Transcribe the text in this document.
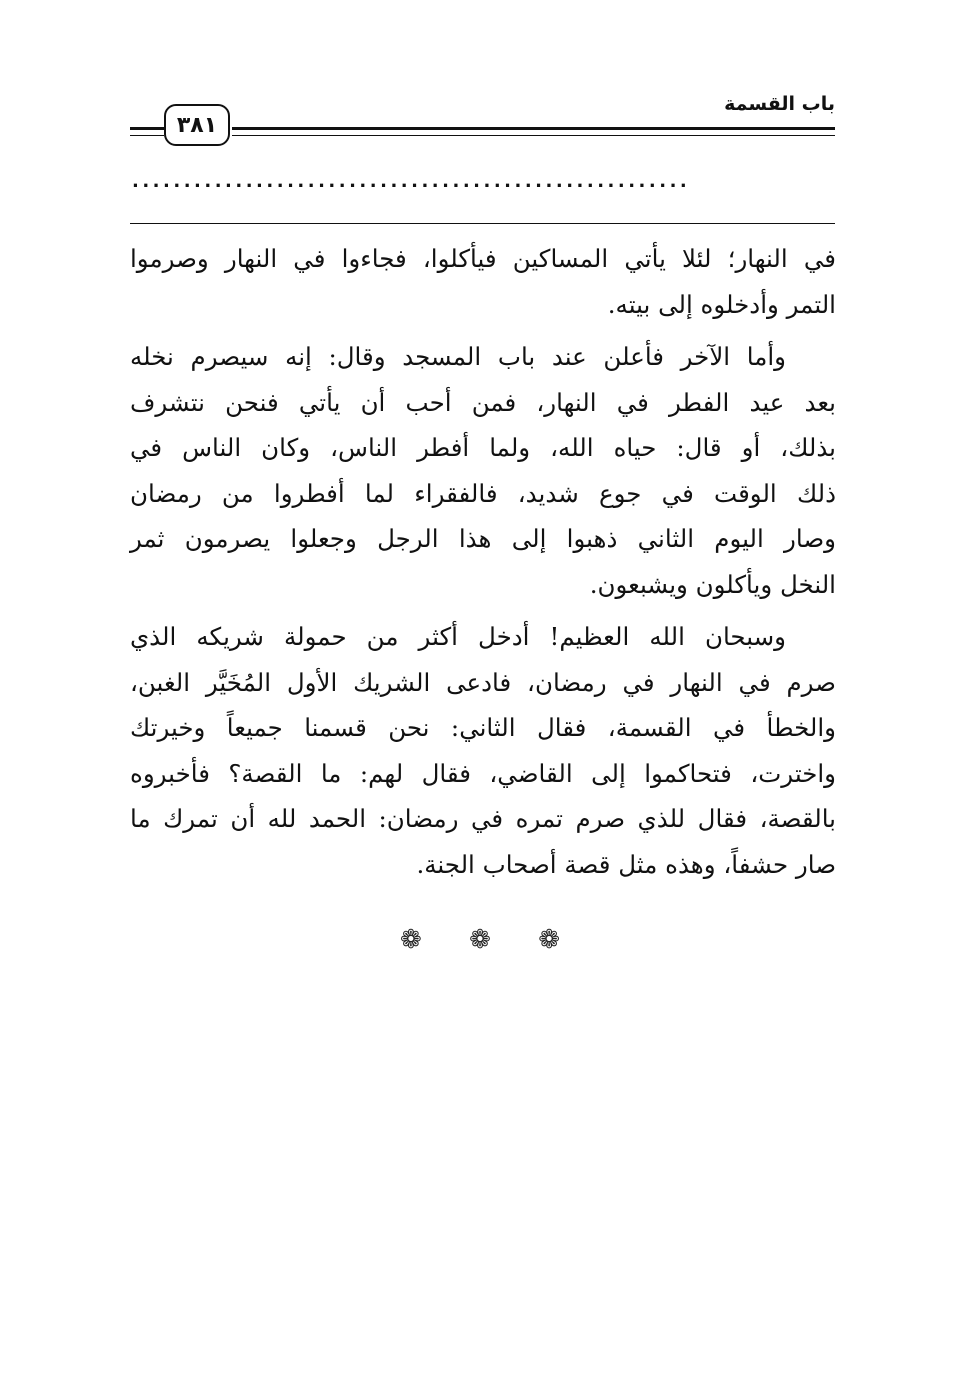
باب القسمة
٣٨١
......................................................
في النهار؛ لئلا يأتي المساكين فيأكلوا، فجاءوا في النهار وصرموا
التمر وأدخلوه إلى بيته.
وأما الآخر فأعلن عند باب المسجد وقال: إنه سيصرم نخله
بعد عيد الفطر في النهار، فمن أحب أن يأتي فنحن نتشرف
بذلك، أو قال: حياه الله، ولما أفطر الناس، وكان الناس في
ذلك الوقت في جوع شديد، فالفقراء لما أفطروا من رمضان
وصار اليوم الثاني ذهبوا إلى هذا الرجل وجعلوا يصرمون ثمر
النخل ويأكلون ويشبعون.
وسبحان الله العظيم! أدخل أكثر من حمولة شريكه الذي
صرم في النهار في رمضان، فادعى الشريك الأول المُخَيَّر الغبن،
والخطأ في القسمة، فقال الثاني: نحن قسمنا جميعاً وخيرتك
واخترت، فتحاكموا إلى القاضي، فقال لهم: ما القصة؟ فأخبروه
بالقصة، فقال للذي صرم تمره في رمضان: الحمد لله أن تمرك ما
صار حشفاً، وهذه مثل قصة أصحاب الجنة.
❁ ❁ ❁
